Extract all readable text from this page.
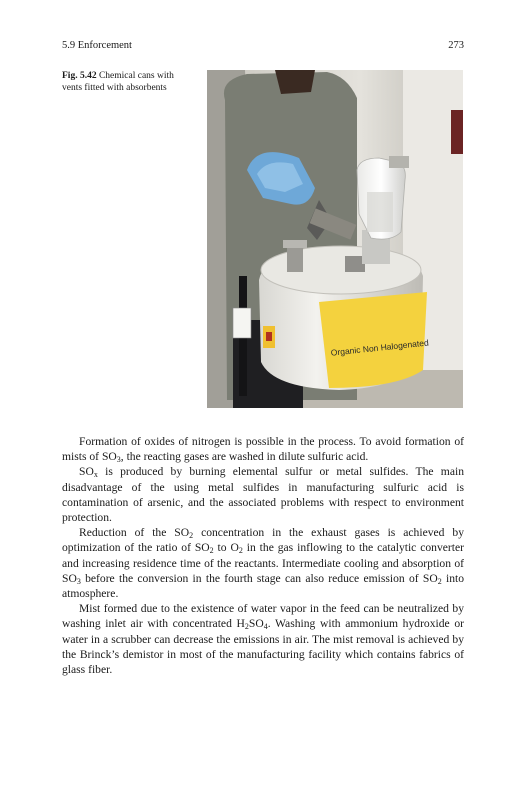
5.9 Enforcement	273
Fig. 5.42 Chemical cans with vents fitted with absorbents
Organic Non Halogenated

Formation of oxides of nitrogen is possible in the process. To avoid formation of mists of $SO_3$, the reacting gases are washed in dilute sulfuric acid.

$SO_x$ is produced by burning elemental sulfur or metal sulfides. The main disadvantage of the using metal sulfides in manufacturing sulfuric acid is contamination of arsenic, and the associated problems with respect to environment protection.

Reduction of the $SO_2$ concentration in the exhaust gases is achieved by optimization of the ratio of $SO_2$ to $O_2$ in the gas inflowing to the catalytic converter and increasing residence time of the reactants. Intermediate cooling and absorption of $SO_3$ before the conversion in the fourth stage can also reduce emission of $SO_2$ into atmosphere.

Mist formed due to the existence of water vapor in the feed can be neutralized by washing inlet air with concentrated $H_2SO_4$. Washing with ammonium hydroxide or water in a scrubber can decrease the emissions in air. The mist removal is achieved by the Brinck’s demistor in most of the manufacturing facility which contains fabrics of glass fiber.
